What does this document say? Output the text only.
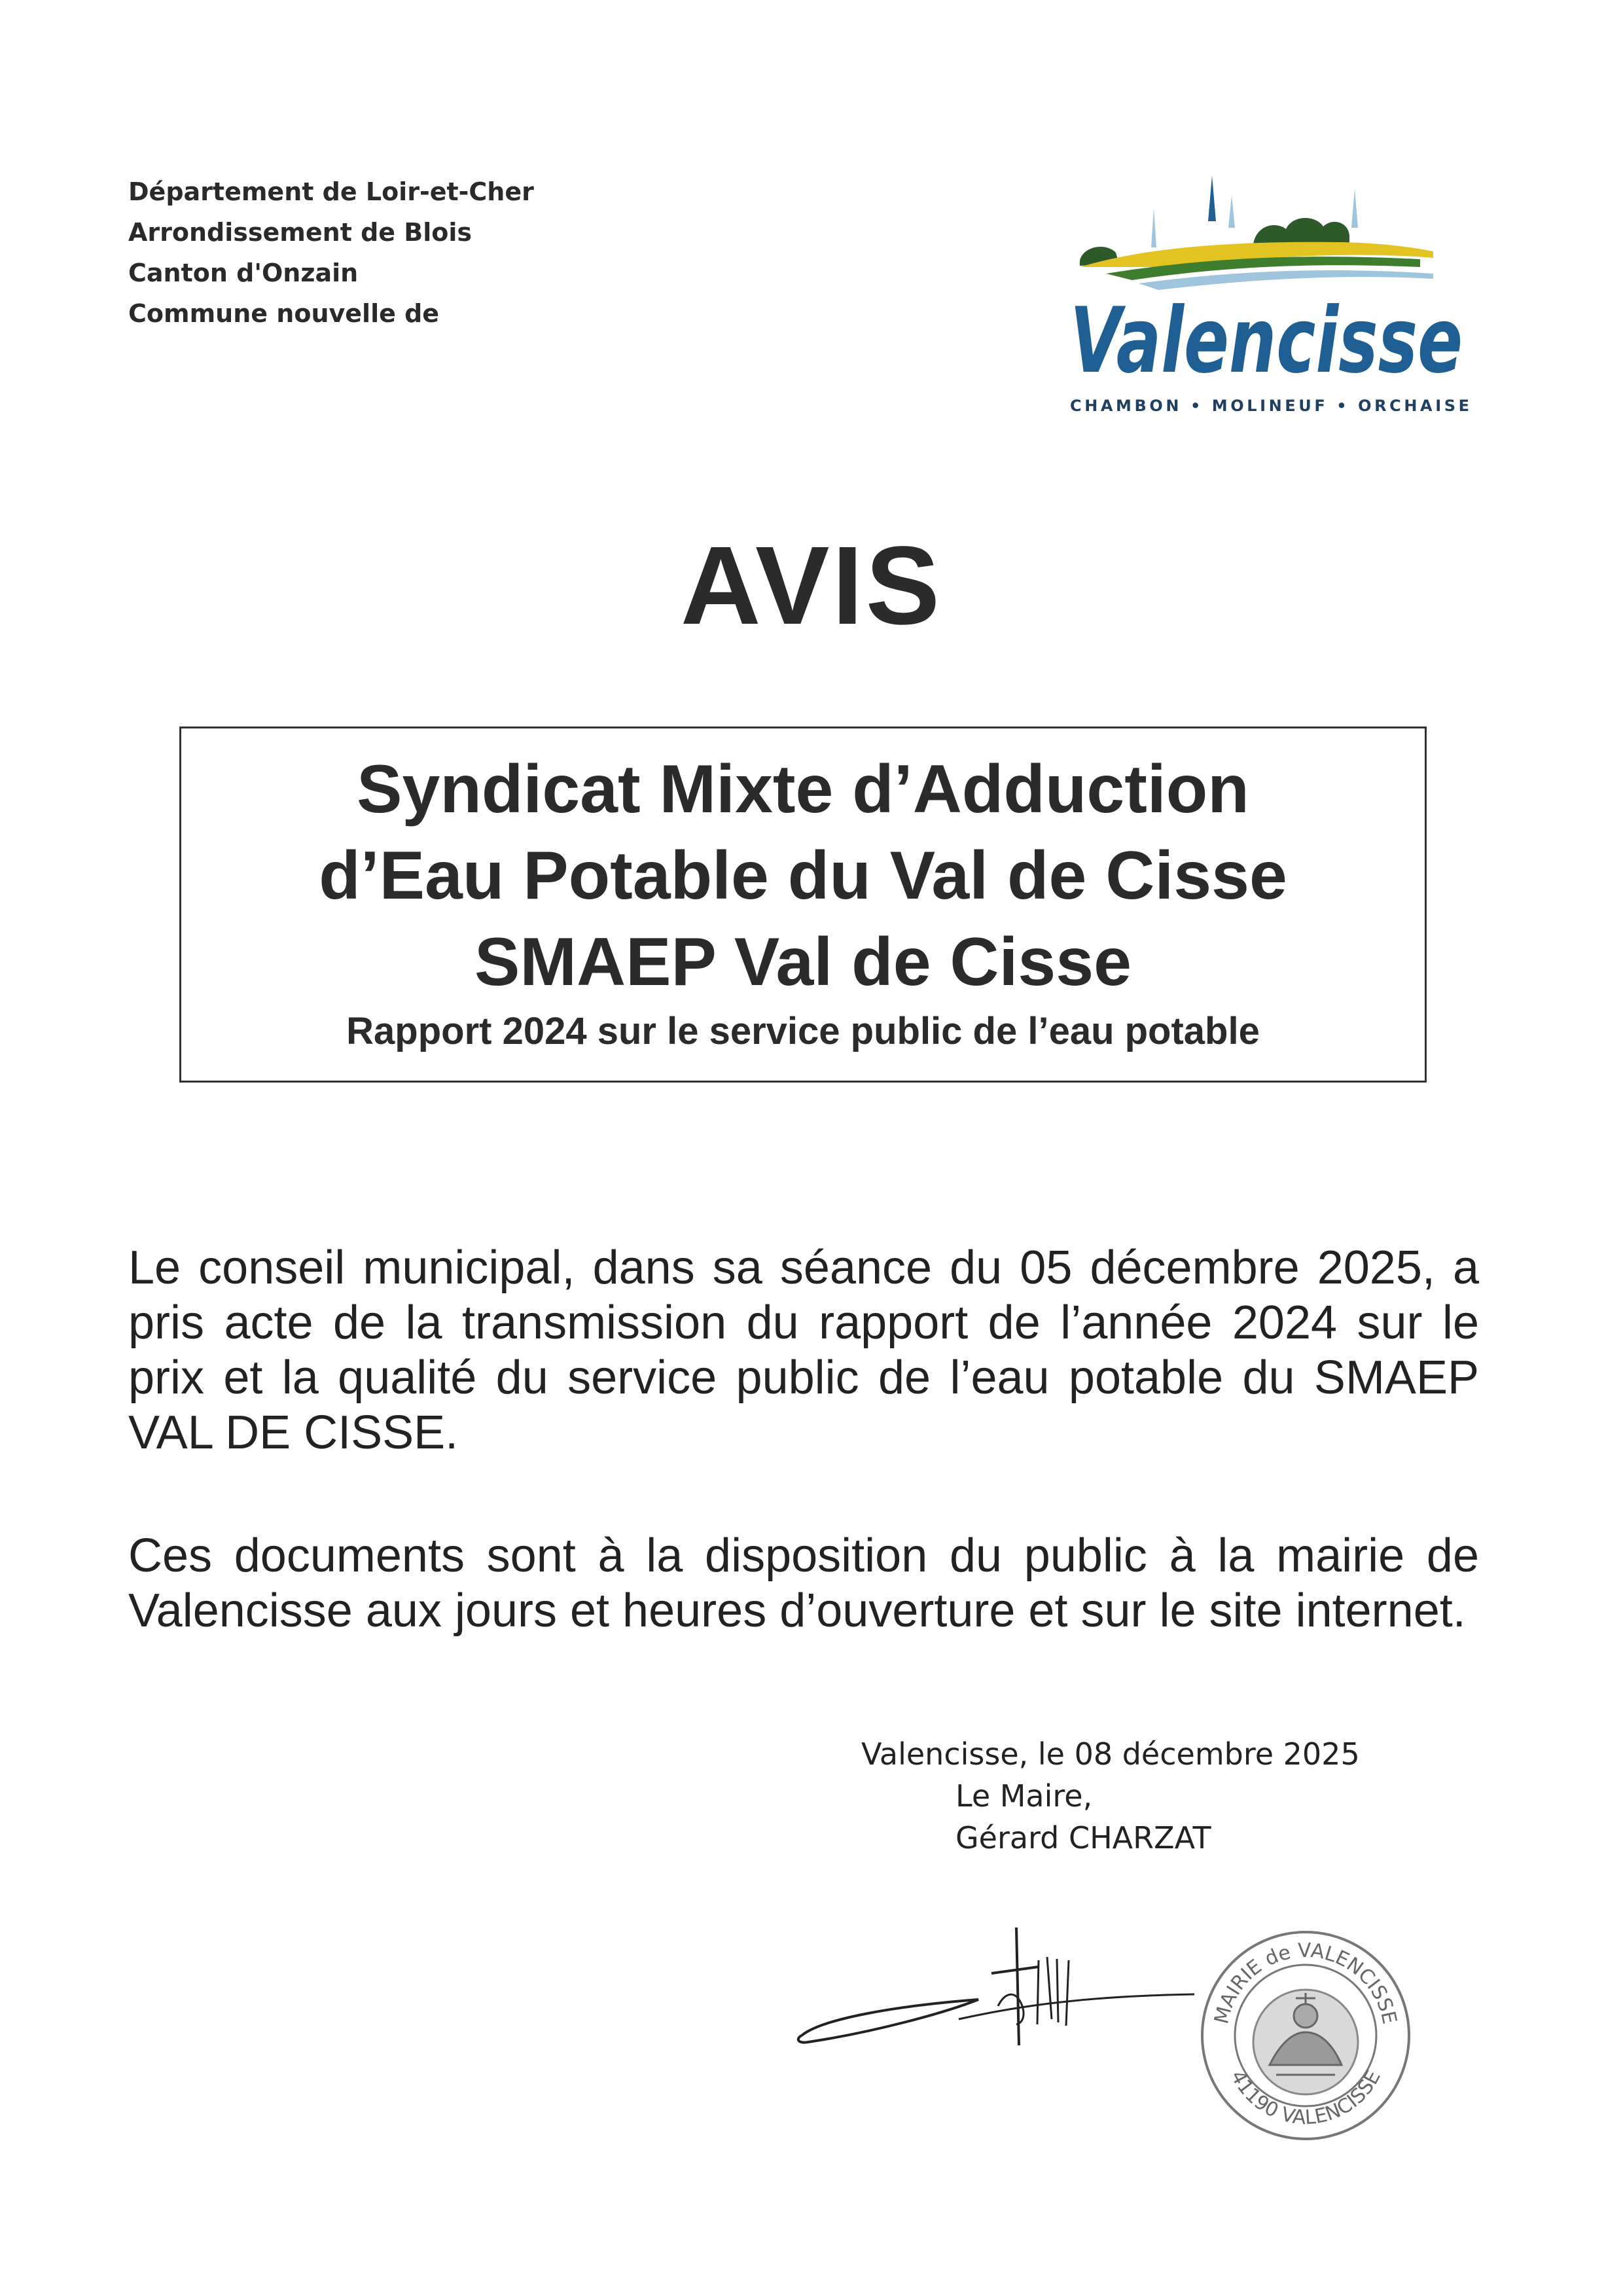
Département de Loir-et-Cher
Arrondissement de Blois
Canton d'Onzain
Commune nouvelle de	Valencisse
CHAMBON • MOLINEUF • ORCHAISE
AVIS
Syndicat Mixte d’Adduction
d’Eau Potable du Val de Cisse
SMAEP Val de Cisse
Rapport 2024 sur le service public de l’eau potable
Le conseil municipal, dans sa séance du 05 décembre 2025, a pris acte de la transmission du rapport de l’année 2024 sur le prix et la qualité du service public de l’eau potable du SMAEP VAL DE CISSE.
Ces documents sont à la disposition du public à la mairie de Valencisse aux jours et heures d’ouverture et sur le site internet.
Valencisse, le 08 décembre 2025
Le Maire,
Gérard CHARZAT
MAIRIE de VALENCISSE
41190 VALENCISSE
